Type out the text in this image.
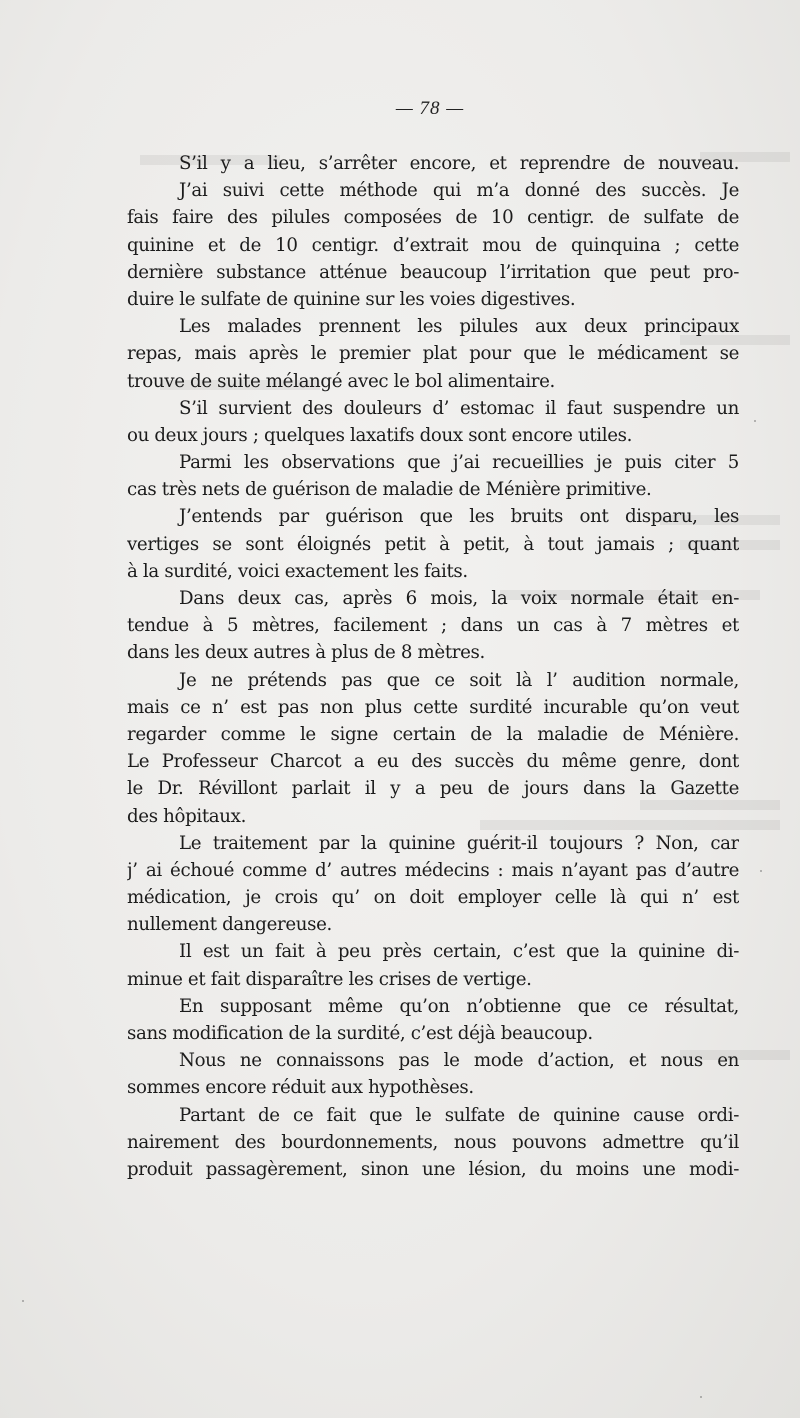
— 78 —
S’il y a lieu, s’arrêter encore, et reprendre de nouveau.
J’ai suivi cette méthode qui m’a donné des succès. Je
fais faire des pilules composées de 10 centigr. de sulfate de
quinine et de 10 centigr. d’extrait mou de quinquina ; cette
dernière substance atténue beaucoup l’irritation que peut pro-
duire le sulfate de quinine sur les voies digestives.
Les malades prennent les pilules aux deux principaux
repas, mais après le premier plat pour que le médicament se
trouve de suite mélangé avec le bol alimentaire.
S’il survient des douleurs d’ estomac il faut suspendre un
ou deux jours ; quelques laxatifs doux sont encore utiles.
Parmi les observations que j’ai recueillies je puis citer 5
cas très nets de guérison de maladie de Ménière primitive.
J’entends par guérison que les bruits ont disparu, les
vertiges se sont éloignés petit à petit, à tout jamais ; quant
à la surdité, voici exactement les faits.
Dans deux cas, après 6 mois, la voix normale était en-
tendue à 5 mètres, facilement ; dans un cas à 7 mètres et
dans les deux autres à plus de 8 mètres.
Je ne prétends pas que ce soit là l’ audition normale,
mais ce n’ est pas non plus cette surdité incurable qu’on veut
regarder comme le signe certain de la maladie de Ménière.
Le Professeur Charcot a eu des succès du même genre, dont
le Dr. Révillont parlait il y a peu de jours dans la Gazette
des hôpitaux.
Le traitement par la quinine guérit-il toujours ? Non, car
j’ ai échoué comme d’ autres médecins : mais n’ayant pas d’autre
médication, je crois qu’ on doit employer celle là qui n’ est
nullement dangereuse.
Il est un fait à peu près certain, c’est que la quinine di-
minue et fait disparaître les crises de vertige.
En supposant même qu’on n’obtienne que ce résultat,
sans modification de la surdité, c’est déjà beaucoup.
Nous ne connaissons pas le mode d’action, et nous en
sommes encore réduit aux hypothèses.
Partant de ce fait que le sulfate de quinine cause ordi-
nairement des bourdonnements, nous pouvons admettre qu’il
produit passagèrement, sinon une lésion, du moins une modi-
